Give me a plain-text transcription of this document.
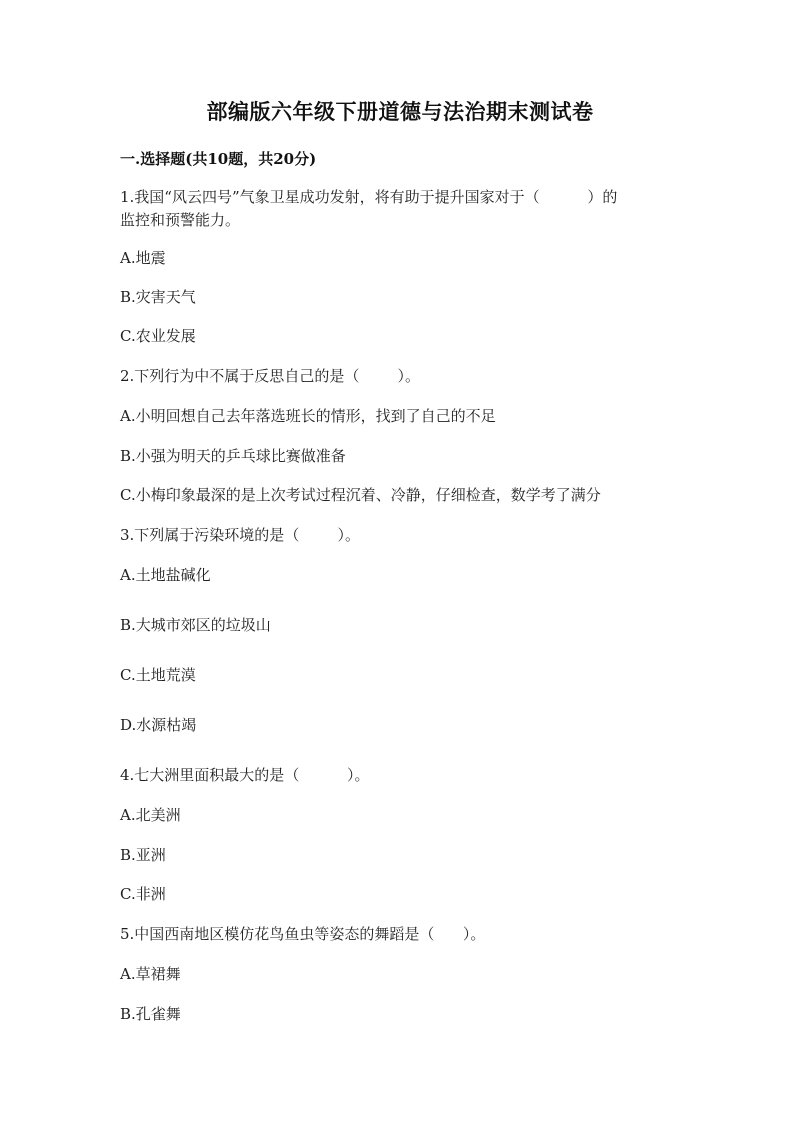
部编版六年级下册道德与法治期末测试卷
一.选择题(共10题，共20分)
1.我国“风云四号”气象卫星成功发射，将有助于提升国家对于（          ）的
监控和预警能力。
A.地震
B.灾害天气
C.农业发展
2.下列行为中不属于反思自己的是（        ）。
A.小明回想自己去年落选班长的情形，找到了自己的不足
B.小强为明天的乒乓球比赛做准备
C.小梅印象最深的是上次考试过程沉着、冷静，仔细检查，数学考了满分
3.下列属于污染环境的是（        ）。
A.土地盐碱化
B.大城市郊区的垃圾山
C.土地荒漠
D.水源枯竭
4.七大洲里面积最大的是（          ）。
A.北美洲
B.亚洲
C.非洲
5.中国西南地区模仿花鸟鱼虫等姿态的舞蹈是（      ）。
A.草裙舞
B.孔雀舞
